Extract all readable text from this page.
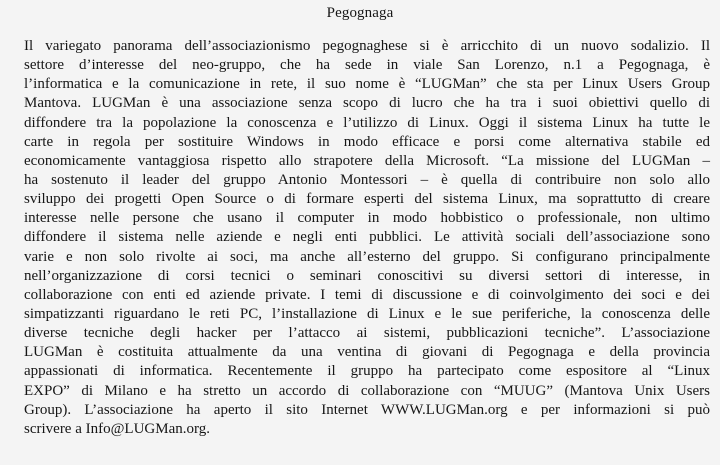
Pegognaga
Il variegato panorama dell’associazionismo pegognaghese si è arricchito di un nuovo sodalizio. Il
settore d’interesse del neo-gruppo, che ha sede in viale San Lorenzo, n.1 a Pegognaga, è
l’informatica e la comunicazione in rete, il suo nome è “LUGMan” che sta per Linux Users Group
Mantova. LUGMan è una associazione senza scopo di lucro che ha tra i suoi obiettivi quello di
diffondere tra la popolazione la conoscenza e l’utilizzo di Linux. Oggi il sistema Linux ha tutte le
carte in regola per sostituire Windows in modo efficace e porsi come alternativa stabile ed
economicamente vantaggiosa rispetto allo strapotere della Microsoft. “La missione del LUGMan –
ha sostenuto il leader del gruppo Antonio Montessori – è quella di contribuire non solo allo
sviluppo dei progetti Open Source o di formare esperti del sistema Linux, ma soprattutto di creare
interesse nelle persone che usano il computer in modo hobbistico o professionale, non ultimo
diffondere il sistema nelle aziende e negli enti pubblici. Le attività sociali dell’associazione sono
varie e non solo rivolte ai soci, ma anche all’esterno del gruppo. Si configurano principalmente
nell’organizzazione di corsi tecnici o seminari conoscitivi su diversi settori di interesse, in
collaborazione con enti ed aziende private. I temi di discussione e di coinvolgimento dei soci e dei
simpatizzanti riguardano le reti PC, l’installazione di Linux e le sue periferiche, la conoscenza delle
diverse tecniche degli hacker per l’attacco ai sistemi, pubblicazioni tecniche”. L’associazione
LUGMan è costituita attualmente da una ventina di giovani di Pegognaga e della provincia
appassionati di informatica. Recentemente il gruppo ha partecipato come espositore al “Linux
EXPO” di Milano e ha stretto un accordo di collaborazione con “MUUG” (Mantova Unix Users
Group). L’associazione ha aperto il sito Internet WWW.LUGMan.org e per informazioni si può
scrivere a Info@LUGMan.org.
